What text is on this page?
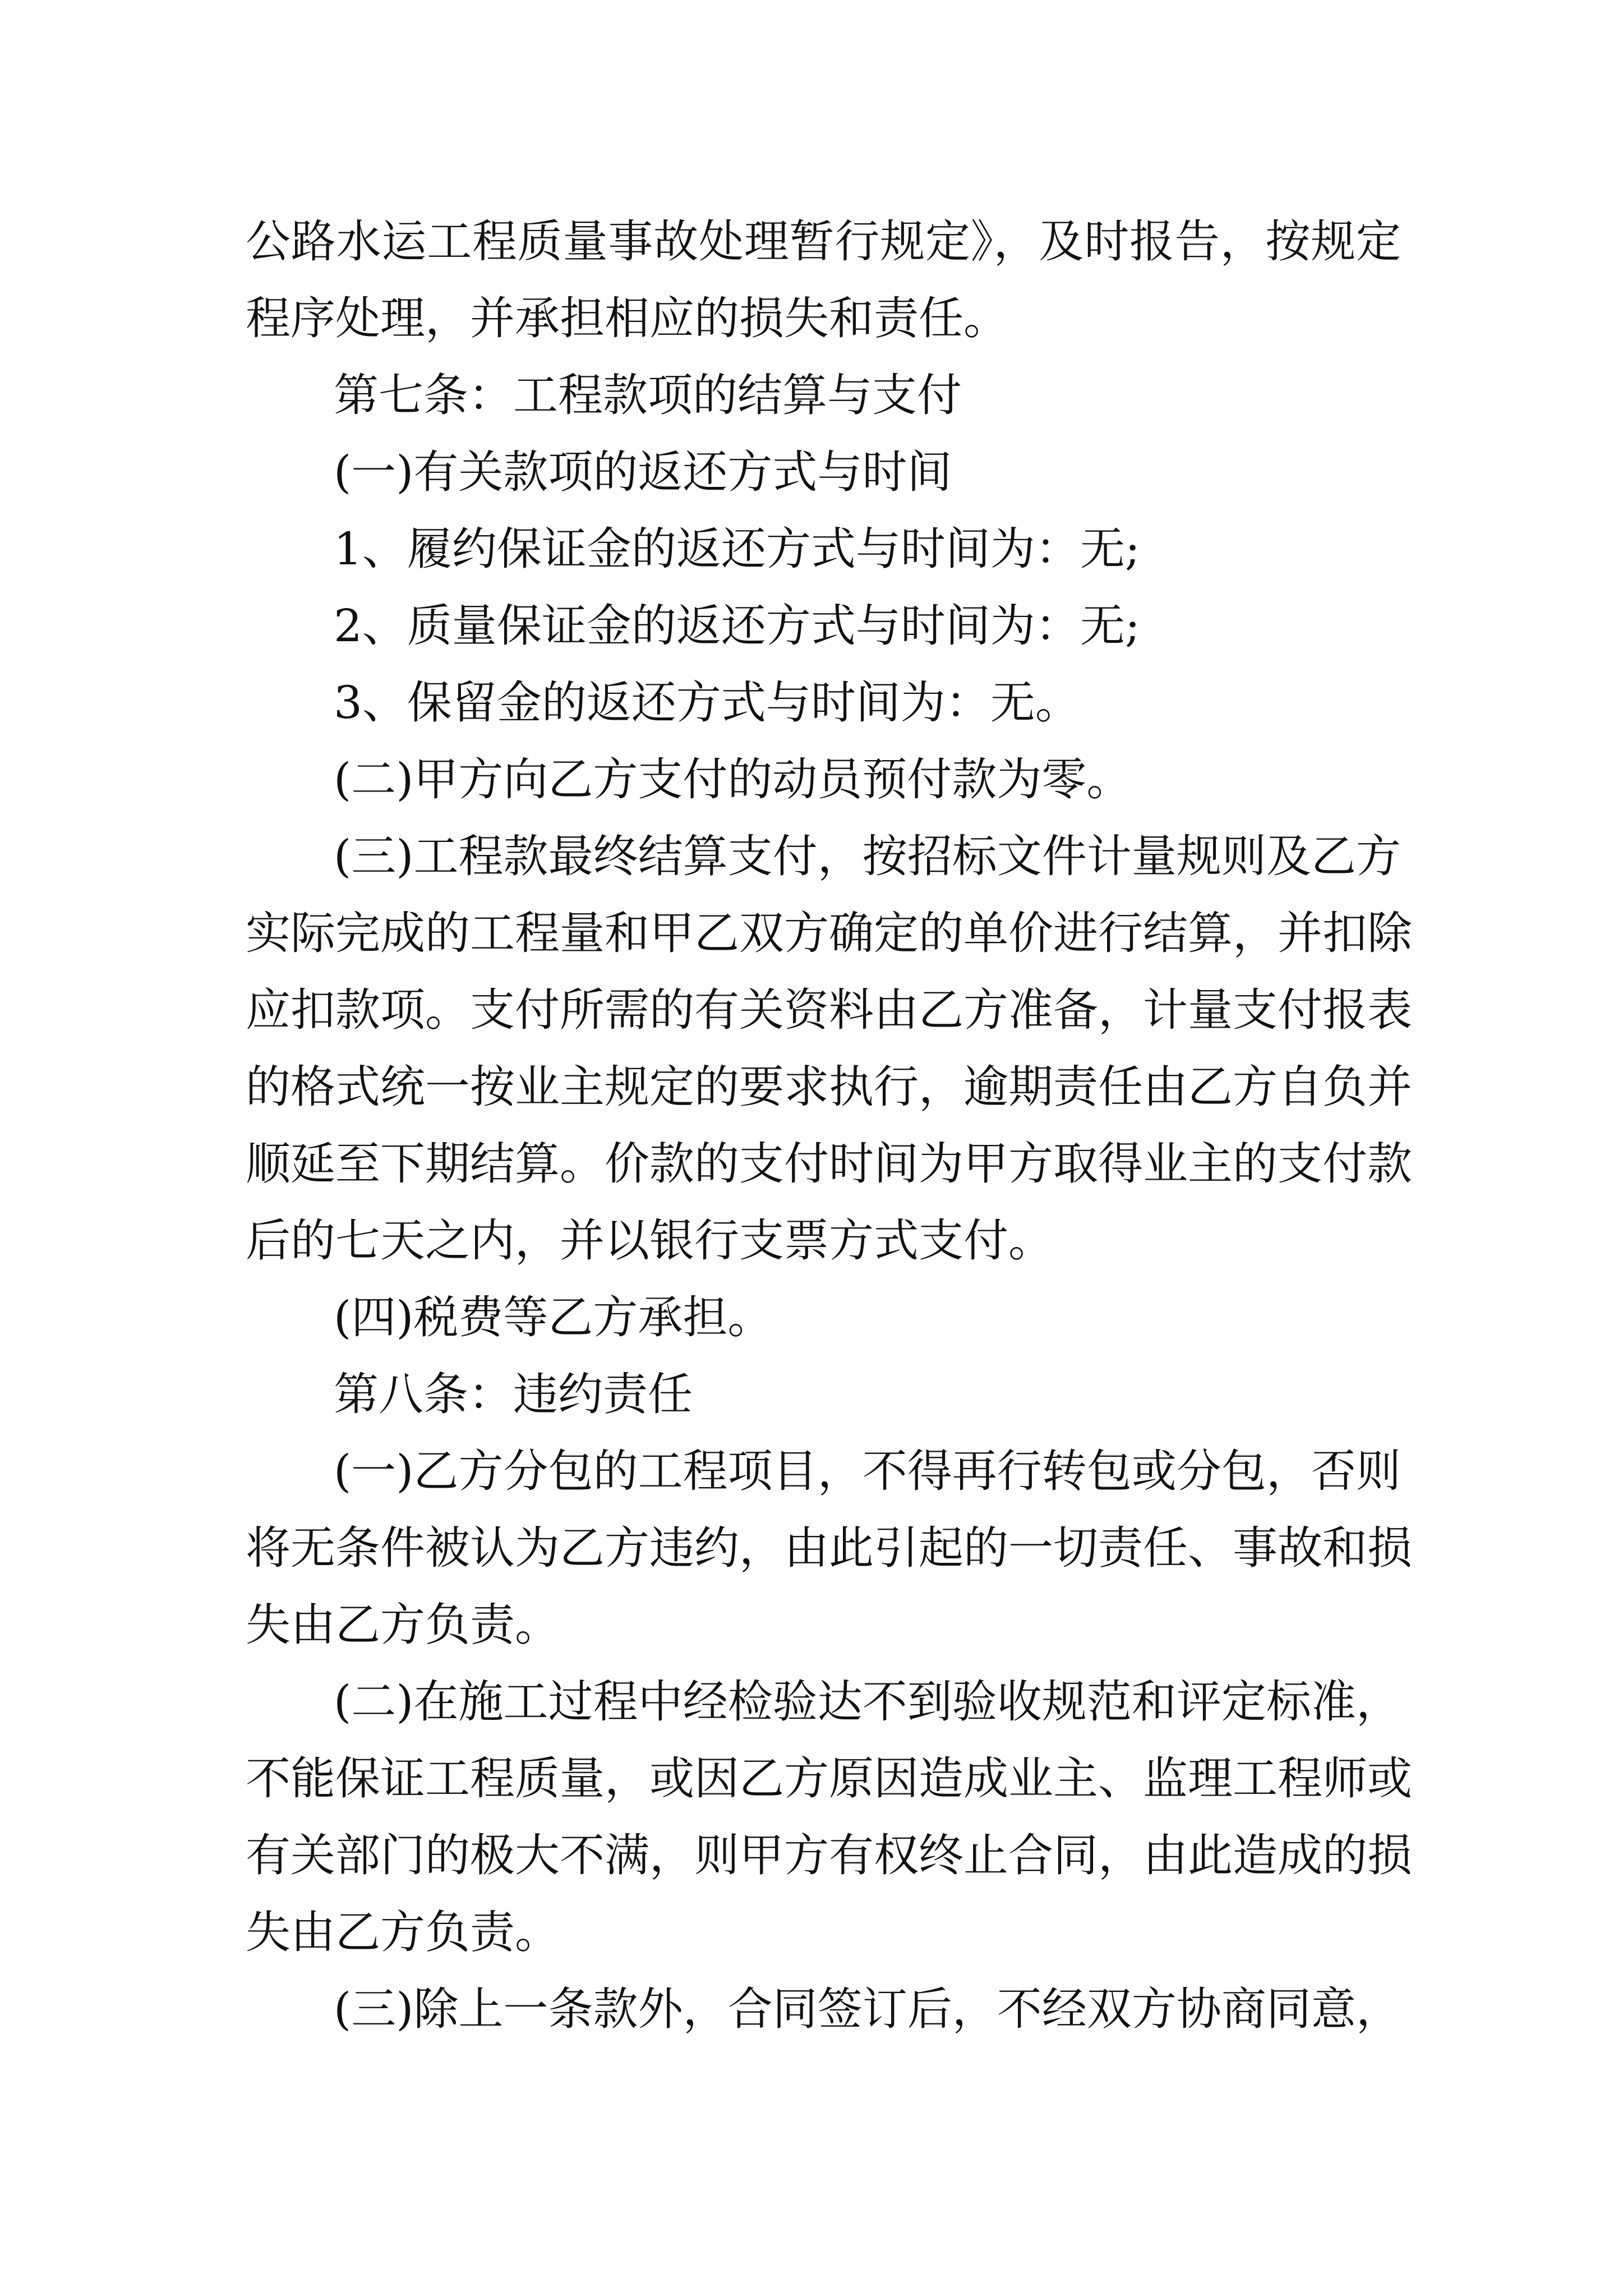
公路水运工程质量事故处理暂行规定》，及时报告，按规定
程序处理，并承担相应的损失和责任。
第七条：工程款项的结算与支付
(一)有关款项的返还方式与时间
1、履约保证金的返还方式与时间为：无;
2、质量保证金的返还方式与时间为：无;
3、保留金的返还方式与时间为：无。
(二)甲方向乙方支付的动员预付款为零。
(三)工程款最终结算支付，按招标文件计量规则及乙方
实际完成的工程量和甲乙双方确定的单价进行结算，并扣除
应扣款项。支付所需的有关资料由乙方准备，计量支付报表
的格式统一按业主规定的要求执行，逾期责任由乙方自负并
顺延至下期结算。价款的支付时间为甲方取得业主的支付款
后的七天之内，并以银行支票方式支付。
(四)税费等乙方承担。
第八条：违约责任
(一)乙方分包的工程项目，不得再行转包或分包，否则
将无条件被认为乙方违约，由此引起的一切责任、事故和损
失由乙方负责。
(二)在施工过程中经检验达不到验收规范和评定标准，
不能保证工程质量，或因乙方原因造成业主、监理工程师或
有关部门的极大不满，则甲方有权终止合同，由此造成的损
失由乙方负责。
(三)除上一条款外，合同签订后，不经双方协商同意，
